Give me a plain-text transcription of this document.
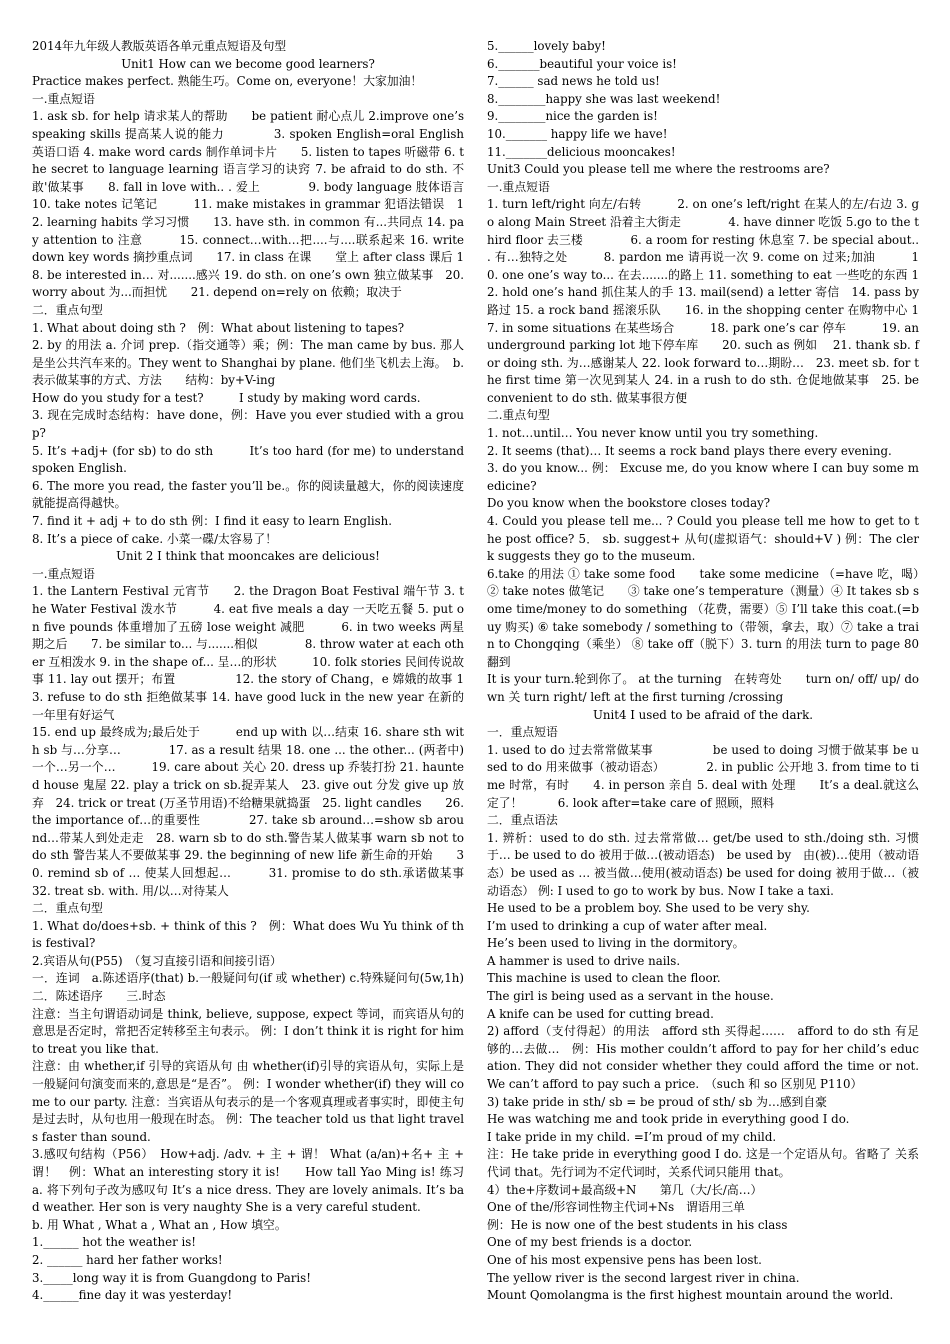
2014年九年级人教版英语各单元重点短语及句型

Unit1 How can we become good learners?

Practice makes perfect. 熟能生巧。Come on, everyone！大家加油！

一.重点短语

1. ask sb. for help 请求某人的帮助　　be patient 耐心点儿 2.improve one’s speaking skills 提高某人说的能力　　　　3. spoken English=oral English 英语口语 4. make word cards 制作单词卡片　　5. listen to tapes 听磁带 6. the secret to language learning 语言学习的诀窍 7. be afraid to do sth. 不敢'做某事　　8. fall in love with.. . 爱上　　　　9. body language 肢体语言　　10. take notes 记笔记　　　11. make mistakes in grammar 犯语法错误　12. learning habits 学习习惯　　13. have sth. in common 有...共同点 14. pay attention to 注意　　　15. connect…with…把....与....联系起来 16. write down key words 摘抄重点词　　17. in class 在课　　堂上 after class 课后 18. be interested in… 对.......感兴 19. do sth. on one’s own 独立做某事　20. worry about 为...而担忧　　21. depend on=rely on 依赖；取决于

二．重点句型

1. What about doing sth ?　例：What about listening to tapes?

2. by 的用法 a. 介词 prep.（指交通等）乘；例：The man came by bus. 那人是坐公共汽车来的。They went to Shanghai by plane. 他们坐飞机去上海。　b. 表示做某事的方式、方法　　结构：by+V-ing

How do you study for a test?　　　I study by making word cards.

3. 现在完成时态结构：have done，例：Have you ever studied with a group?

5. It’s +adj+ (for sb) to do sth　　　It’s too hard (for me) to understand spoken English.

6. The more you read, the faster you’ll be.。你的阅读量越大，你的阅读速度就能提高得越快。

7. find it + adj + to do sth 例：I find it easy to learn English.

8. It’s a piece of cake. 小菜一碟/太容易了！

Unit 2 I think that mooncakes are delicious!

一.重点短语

1. the Lantern Festival 元宵节　　2. the Dragon Boat Festival 端午节 3. the Water Festival 泼水节　　　4. eat five meals a day 一天吃五餐 5. put on five pounds 体重增加了五磅 lose weight 减肥　　　6. in two weeks 两星期之后　　7. be similar to... 与.......相似　　　　8. throw water at each other 互相泼水 9. in the shape of... 呈…的形状　　　10. folk stories 民间传说故事 11. lay out 摆开；布置　　　　　12. the story of Chang，e 嫦娥的故事 13. refuse to do sth 拒绝做某事 14. have good luck in the new year 在新的一年里有好运气

15. end up 最终成为;最后处于　　　end up with 以…结束 16. share sth with sb 与…分享…　　　　17. as a result 结果 18. one ... the other... (两者中)一个…另一个…　　　19. care about 关心 20. dress up 乔装打扮 21. haunted house 鬼屋 22. play a trick on sb.捉弄某人　23. give out 分发 give up 放弃　24. trick or treat (万圣节用语)不给糖果就捣蛋　25. light candles　　26. the importance of…的重要性　　　　27. take sb around…=show sb around…带某人到处走走　28. warn sb to do sth.警告某人做某事 warn sb not to do sth 警告某人不要做某事 29. the beginning of new life 新生命的开始　　30. remind sb of … 使某人回想起…　　　31. promise to do sth.承诺做某事　　32. treat sb. with. 用/以…对待某人

二．重点句型

1. What do/does+sb. + think of this ?　例：What does Wu Yu think of this festival?

2.宾语从句(P55)　（复习直接引语和间接引语）

一．连词　a.陈述语序(that) b.一般疑问句(if 或 whether) c.特殊疑问句(5w,1h)二．陈述语序　　三.时态

注意：当主句谓语动词是 think, believe, suppose, expect 等词，而宾语从句的意思是否定时，常把否定转移至主句表示。 例：I don’t think it is right for him to treat you like that.

注意：由 whether,if 引导的宾语从句 由 whether(if)引导的宾语从句，实际上是一般疑问句演变而来的,意思是“是否”。 例：I wonder whether(if) they will come to our party. 注意：当宾语从句表示的是一个客观真理或者事实时，即使主句是过去时，从句也用一般现在时态。 例：The teacher told us that light travels faster than sound.

3.感叹句结构（P56）　How+adj. /adv. + 主 + 谓！ What (a/an)+名+ 主 + 谓！　例：What an interesting story it is!　　How tall Yao Ming is! 练习 a. 将下列句子改为感叹句 It’s a nice dress. They are lovely animals. It’s bad weather. Her son is very naughty She is a very careful student.

b. 用 What , What a , What an , How 填空。

1.______ hot the weather is!

2. ______ hard her father works!

3._____long way it is from Guangdong to Paris!

4.______fine day it was yesterday!

5.______lovely baby!

6._______beautiful your voice is!

7.______ sad news he told us!

8.________happy she was last weekend!

9.________nice the garden is!

10._______ happy life we have!

11._______delicious mooncakes!

Unit3 Could you please tell me where the restrooms are?

一.重点短语

1. turn left/right 向左/右转　　　2. on one’s left/right 在某人的左/右边 3. go along Main Street 沿着主大街走　　　　4. have dinner 吃饭 5.go to the third floor 去三楼　　　　6. a room for resting 休息室 7. be special about.. . 有…独特之处　　　8. pardon me 请再说一次 9. come on 过来;加油　　　10. one one’s way to... 在去.......的路上 11. something to eat 一些吃的东西 12. hold one’s hand 抓住某人的手 13. mail(send) a letter 寄信　14. pass by 路过 15. a rock band 摇滚乐队　　16. in the shopping center 在购物中心 17. in some situations 在某些场合　　　18. park one’s car 停车　　　19. an underground parking lot 地下停车库　　20. such as 例如　 21. thank sb. for doing sth. 为…感谢某人 22. look forward to…期盼…　23. meet sb. for the first time 第一次见到某人 24. in a rush to do sth. 仓促地做某事　25. be convenient to do sth. 做某事很方便

二.重点句型

1. not…until… You never know until you try something.

2. It seems (that)… It seems a rock band plays there every evening.

3. do you know... 例： Excuse me, do you know where I can buy some medicine?

Do you know when the bookstore closes today?

4. Could you please tell me... ? Could you please tell me how to get to the post office? 5． sb. suggest+ 从句(虚拟语气：should+V ) 例：The clerk suggests they go to the museum.

6.take 的用法 ① take some food　　take some medicine （=have 吃，喝）② take notes 做笔记　　③ take one’s temperature（测量）④ It takes sb some time/money to do something （花费，需要）⑤ I’ll take this coat.(=buy 购买) ⑥ take somebody / something to（带领，拿去，取）⑦ take a train to Chongqing（乘坐） ⑧ take off（脱下）3. turn 的用法 turn to page 80 翻到

It is your turn.轮到你了。 at the turning　在转弯处　　turn on/ off/ up/ down 关 turn right/ left at the first turning /crossing

Unit4 I used to be afraid of the dark.

一．重点短语

1. used to do 过去常常做某事　　　　　be used to doing 习惯于做某事 be used to do 用来做事（被动语态）　　　　2. in public 公开地 3. from time to time 时常，有时　　4. in person 亲自 5. deal with 处理　　It’s a deal.就这么定了！　　　6. look after=take care of 照顾，照料

二．重点语法

1. 辨析：used to do sth. 过去常常做… get/be used to sth./doing sth. 习惯于… be used to do 被用于做…(被动语态)　be used by　由(被)…使用（被动语态）be used as … 被当做…使用(被动语态) be used for doing 被用于做…（被动语态） 例: I used to go to work by bus. Now I take a taxi.

He used to be a problem boy. She used to be very shy.

I’m used to drinking a cup of water after meal.

He’s been used to living in the dormitory。

A hammer is used to drive nails.

This machine is used to clean the floor.

The girl is being used as a servant in the house.

A knife can be used for cutting bread.

2) afford（支付得起）的用法　afford sth 买得起……　afford to do sth 有足够的…去做…　例：His mother couldn’t afford to pay for her child’s education. They did not consider whether they could afford the time or not. We can’t afford to pay such a price.　（such 和 so 区别见 P110）

3) take pride in sth/ sb = be proud of sth/ sb 为…感到自豪

He was watching me and took pride in everything good I do.

I take pride in my child. =I’m proud of my child.

注：He take pride in everything good I do. 这是一个定语从句。省略了 关系代词 that。先行词为不定代词时，关系代词只能用 that。

4）the+序数词+最高级+N　　第几（大/长/高…）

One of the/形容词性物主代词+Ns　谓语用三单

例：He is now one of the best students in his class

One of my best friends is a doctor.

One of his most expensive pens has been lost.

The yellow river is the second largest river in china.

Mount Qomolangma is the first highest mountain around the world.
